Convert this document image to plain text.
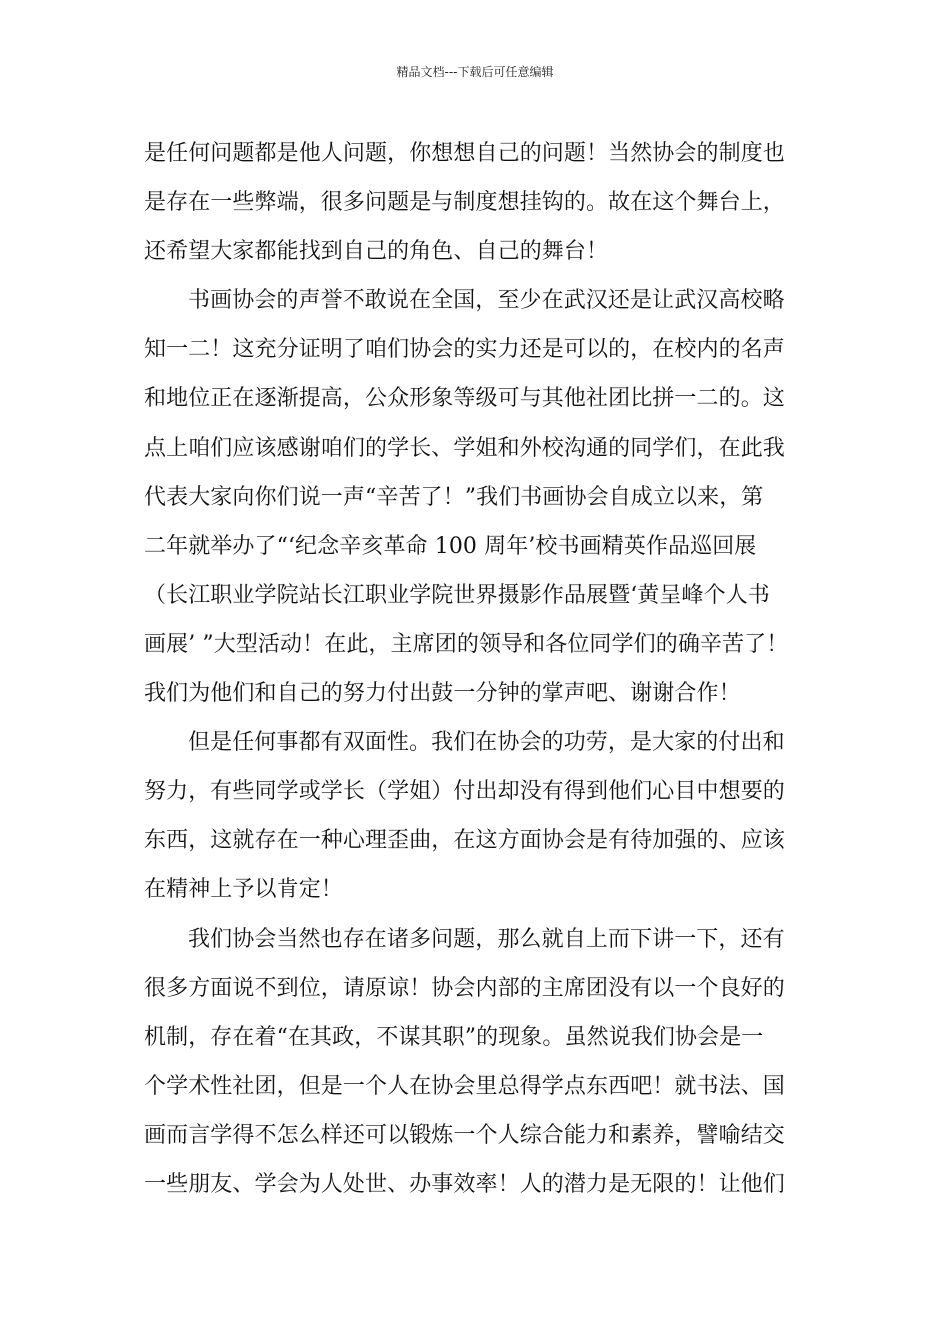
精品文档---下载后可任意编辑
是任何问题都是他人问题，你想想自己的问题！当然协会的制度也
是存在一些弊端，很多问题是与制度想挂钩的。故在这个舞台上，
还希望大家都能找到自己的角色、自己的舞台！
书画协会的声誉不敢说在全国，至少在武汉还是让武汉高校略
知一二！这充分证明了咱们协会的实力还是可以的，在校内的名声
和地位正在逐渐提高，公众形象等级可与其他社团比拼一二的。这
点上咱们应该感谢咱们的学长、学姐和外校沟通的同学们，在此我
代表大家向你们说一声“辛苦了！”我们书画协会自成立以来，第
二年就举办了“‘纪念辛亥革命 100 周年’校书画精英作品巡回展
（长江职业学院站长江职业学院世界摄影作品展暨‘黄呈峰个人书
画展’ ”大型活动！在此，主席团的领导和各位同学们的确辛苦了！
我们为他们和自己的努力付出鼓一分钟的掌声吧、谢谢合作！
但是任何事都有双面性。我们在协会的功劳，是大家的付出和
努力，有些同学或学长（学姐）付出却没有得到他们心目中想要的
东西，这就存在一种心理歪曲，在这方面协会是有待加强的、应该
在精神上予以肯定！
我们协会当然也存在诸多问题，那么就自上而下讲一下，还有
很多方面说不到位，请原谅！协会内部的主席团没有以一个良好的
机制，存在着“在其政，不谋其职”的现象。虽然说我们协会是一
个学术性社团，但是一个人在协会里总得学点东西吧！就书法、国
画而言学得不怎么样还可以锻炼一个人综合能力和素养，譬喻结交
一些朋友、学会为人处世、办事效率！人的潜力是无限的！让他们
